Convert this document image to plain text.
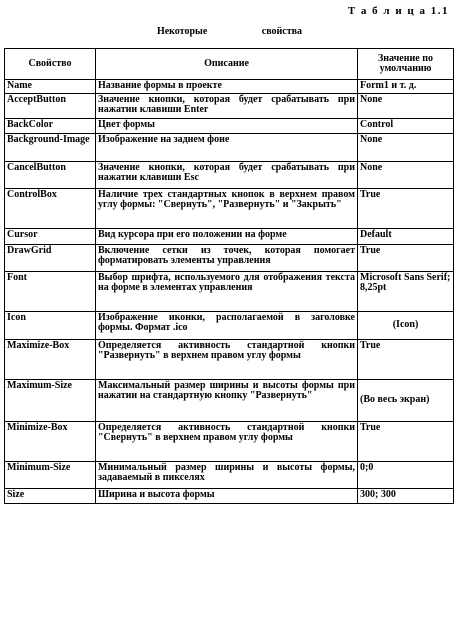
Т а б л и ц а 1.1
Некоторые свойства
Свойство	Описание	Значение по умолчанию
Name	Название формы в проекте	Form1 и т. д.
AcceptButton	Значение кнопки, которая будет срабатывать при нажатии клавиши Enter	None
BackColor	Цвет формы	Control
Background-Image	Изображение на заднем фоне	None
CancelButton	Значение кнопки, которая будет срабатывать при нажатии клавиши Esc	None
ControlBox	Наличие трех стандартных кнопок в верхнем правом углу формы: "Свернуть", "Развернуть" и "Закрыть"	True
Cursor	Вид курсора при его положении на форме	Default
DrawGrid	Включение сетки из точек, которая помогает форматировать элементы управления	True
Font	Выбор шрифта, используемого для отображения текста на форме в элементах управления	Microsoft Sans Serif; 8,25pt
Icon	Изображение иконки, располагаемой в заголовке формы. Формат .ico	(Icon)
Maximize-Box	Определяется активность стандартной кнопки "Развернуть" в верхнем правом углу формы	True
Maximum-Size	Максимальный размер ширины и высоты формы при нажатии на стандартную кнопку "Развернуть"	(Во весь экран)
Minimize-Box	Определяется активность стандартной кнопки "Свернуть" в верхнем правом углу формы	True
Minimum-Size	Минимальный размер ширины и высоты формы, задаваемый в пикселях	0;0
Size	Ширина и высота формы	300; 300
